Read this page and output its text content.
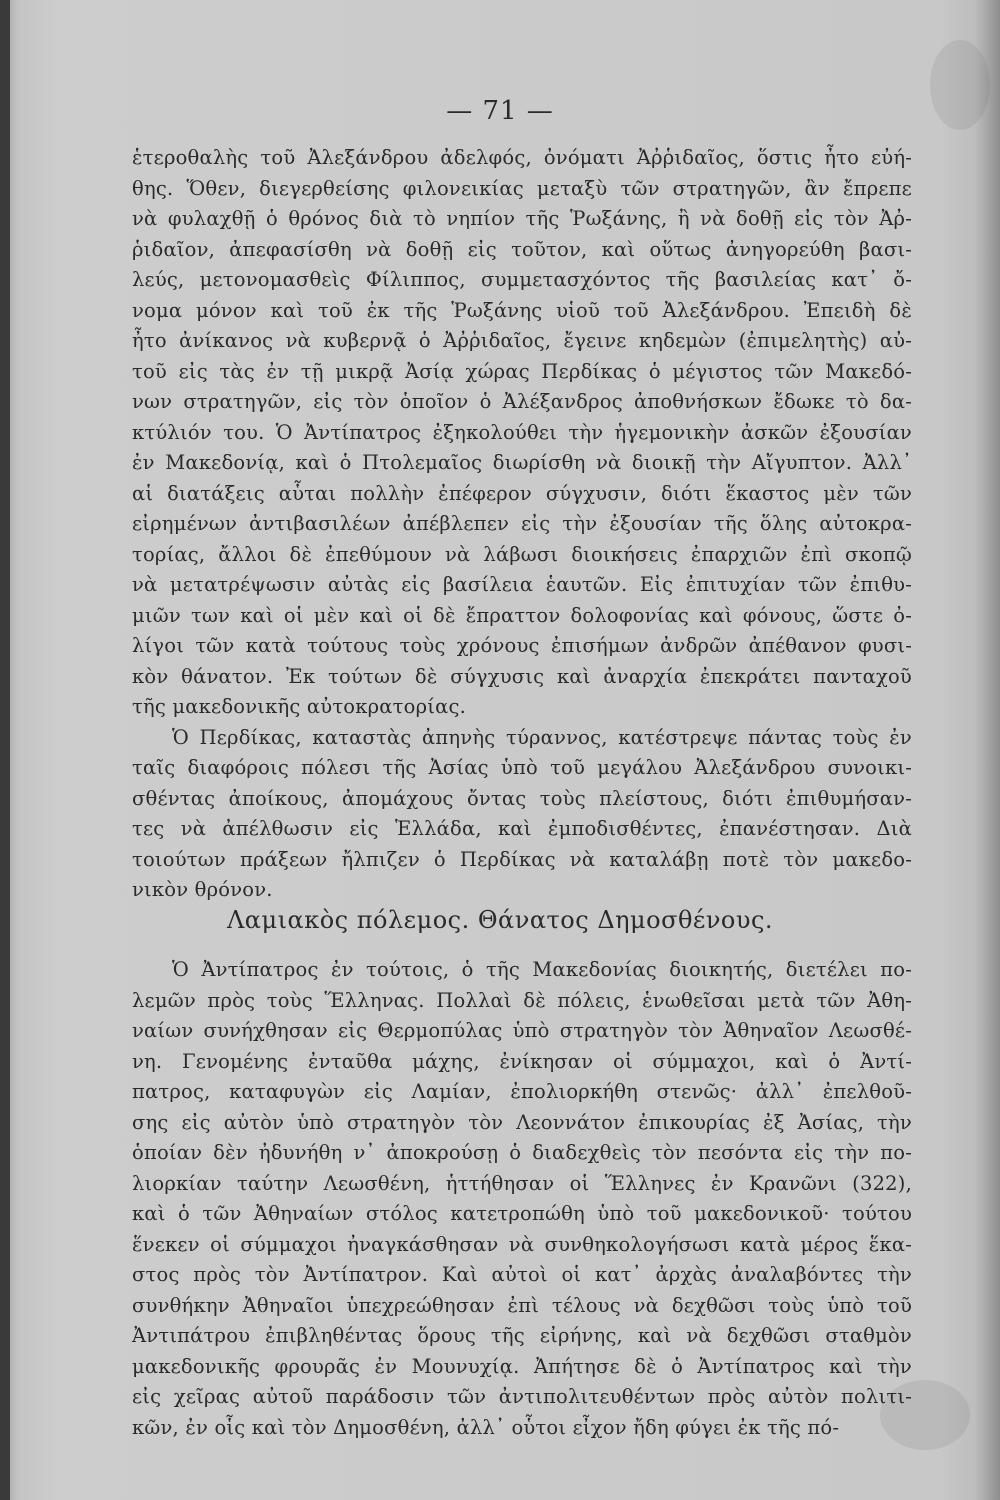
— 71 —
ἑτεροθαλὴς τοῦ Ἀλεξάνδρου ἀδελφός, ὀνόματι Ἀῤῥιδαῖος, ὅστις ἦτο εὐή-
θης. Ὅθεν, διεγερθείσης φιλονεικίας μεταξὺ τῶν στρατηγῶν, ἂν ἔπρεπε
νὰ φυλαχθῇ ὁ θρόνος διὰ τὸ νηπίον τῆς Ῥωξάνης, ἢ νὰ δοθῇ εἰς τὸν Ἀῤ-
ῥιδαῖον, ἀπεφασίσθη νὰ δοθῇ εἰς τοῦτον, καὶ οὕτως ἀνηγορεύθη βασι-
λεύς, μετονομασθεὶς Φίλιππος, συμμετασχόντος τῆς βασιλείας κατ᾽ ὄ-
νομα μόνον καὶ τοῦ ἐκ τῆς Ῥωξάνης υἱοῦ τοῦ Ἀλεξάνδρου. Ἐπειδὴ δὲ
ἦτο ἀνίκανος νὰ κυβερνᾷ ὁ Ἀῤῥιδαῖος, ἔγεινε κηδεμὼν (ἐπιμελητὴς) αὐ-
τοῦ εἰς τὰς ἐν τῇ μικρᾷ Ἀσίᾳ χώρας Περδίκας ὁ μέγιστος τῶν Μακεδό-
νων στρατηγῶν, εἰς τὸν ὁποῖον ὁ Ἀλέξανδρος ἀποθνήσκων ἔδωκε τὸ δα-
κτύλιόν του. Ὁ Ἀντίπατρος ἐξηκολούθει τὴν ἡγεμονικὴν ἀσκῶν ἐξουσίαν
ἐν Μακεδονίᾳ, καὶ ὁ Πτολεμαῖος διωρίσθη νὰ διοικῇ τὴν Αἴγυπτον. Ἀλλ᾽
αἱ διατάξεις αὗται πολλὴν ἐπέφερον σύγχυσιν, διότι ἕκαστος μὲν τῶν
εἰρημένων ἀντιβασιλέων ἀπέβλεπεν εἰς τὴν ἐξουσίαν τῆς ὅλης αὐτοκρα-
τορίας, ἄλλοι δὲ ἐπεθύμουν νὰ λάβωσι διοικήσεις ἐπαρχιῶν ἐπὶ σκοπῷ
νὰ μετατρέψωσιν αὐτὰς εἰς βασίλεια ἑαυτῶν. Εἰς ἐπιτυχίαν τῶν ἐπιθυ-
μιῶν των καὶ οἱ μὲν καὶ οἱ δὲ ἔπραττον δολοφονίας καὶ φόνους, ὥστε ὀ-
λίγοι τῶν κατὰ τούτους τοὺς χρόνους ἐπισήμων ἀνδρῶν ἀπέθανον φυσι-
κὸν θάνατον. Ἐκ τούτων δὲ σύγχυσις καὶ ἀναρχία ἐπεκράτει πανταχοῦ
τῆς μακεδονικῆς αὐτοκρατορίας.
Ὁ Περδίκας, καταστὰς ἀπηνὴς τύραννος, κατέστρεψε πάντας τοὺς ἐν
ταῖς διαφόροις πόλεσι τῆς Ἀσίας ὑπὸ τοῦ μεγάλου Ἀλεξάνδρου συνοικι-
σθέντας ἀποίκους, ἀπομάχους ὄντας τοὺς πλείστους, διότι ἐπιθυμήσαν-
τες νὰ ἀπέλθωσιν εἰς Ἑλλάδα, καὶ ἐμποδισθέντες, ἐπανέστησαν. Διὰ
τοιούτων πράξεων ἤλπιζεν ὁ Περδίκας νὰ καταλάβῃ ποτὲ τὸν μακεδο-
νικὸν θρόνον.
Λαμιακὸς πόλεμος. Θάνατος Δημοσθένους.
Ὁ Ἀντίπατρος ἐν τούτοις, ὁ τῆς Μακεδονίας διοικητής, διετέλει πο-
λεμῶν πρὸς τοὺς Ἕλληνας. Πολλαὶ δὲ πόλεις, ἑνωθεῖσαι μετὰ τῶν Ἀθη-
ναίων συνήχθησαν εἰς Θερμοπύλας ὑπὸ στρατηγὸν τὸν Ἀθηναῖον Λεωσθέ-
νη. Γενομένης ἐνταῦθα μάχης, ἐνίκησαν οἱ σύμμαχοι, καὶ ὁ Ἀντί-
πατρος, καταφυγὼν εἰς Λαμίαν, ἐπολιορκήθη στενῶς· ἀλλ᾽ ἐπελθοῦ-
σης εἰς αὐτὸν ὑπὸ στρατηγὸν τὸν Λεοννάτον ἐπικουρίας ἐξ Ἀσίας, τὴν
ὁποίαν δὲν ἠδυνήθη ν᾽ ἀποκρούσῃ ὁ διαδεχθεὶς τὸν πεσόντα εἰς τὴν πο-
λιορκίαν ταύτην Λεωσθένη, ἡττήθησαν οἱ Ἕλληνες ἐν Κρανῶνι (322),
καὶ ὁ τῶν Ἀθηναίων στόλος κατετροπώθη ὑπὸ τοῦ μακεδονικοῦ· τούτου
ἕνεκεν οἱ σύμμαχοι ἠναγκάσθησαν νὰ συνθηκολογήσωσι κατὰ μέρος ἕκα-
στος πρὸς τὸν Ἀντίπατρον. Καὶ αὐτοὶ οἱ κατ᾽ ἀρχὰς ἀναλαβόντες τὴν
συνθήκην Ἀθηναῖοι ὑπεχρεώθησαν ἐπὶ τέλους νὰ δεχθῶσι τοὺς ὑπὸ τοῦ
Ἀντιπάτρου ἐπιβληθέντας ὅρους τῆς εἰρήνης, καὶ νὰ δεχθῶσι σταθμὸν
μακεδονικῆς φρουρᾶς ἐν Μουνυχίᾳ. Ἀπήτησε δὲ ὁ Ἀντίπατρος καὶ τὴν
εἰς χεῖρας αὐτοῦ παράδοσιν τῶν ἀντιπολιτευθέντων πρὸς αὐτὸν πολιτι-
κῶν, ἐν οἷς καὶ τὸν Δημοσθένη, ἀλλ᾽ οὗτοι εἶχον ἤδη φύγει ἐκ τῆς πό-
